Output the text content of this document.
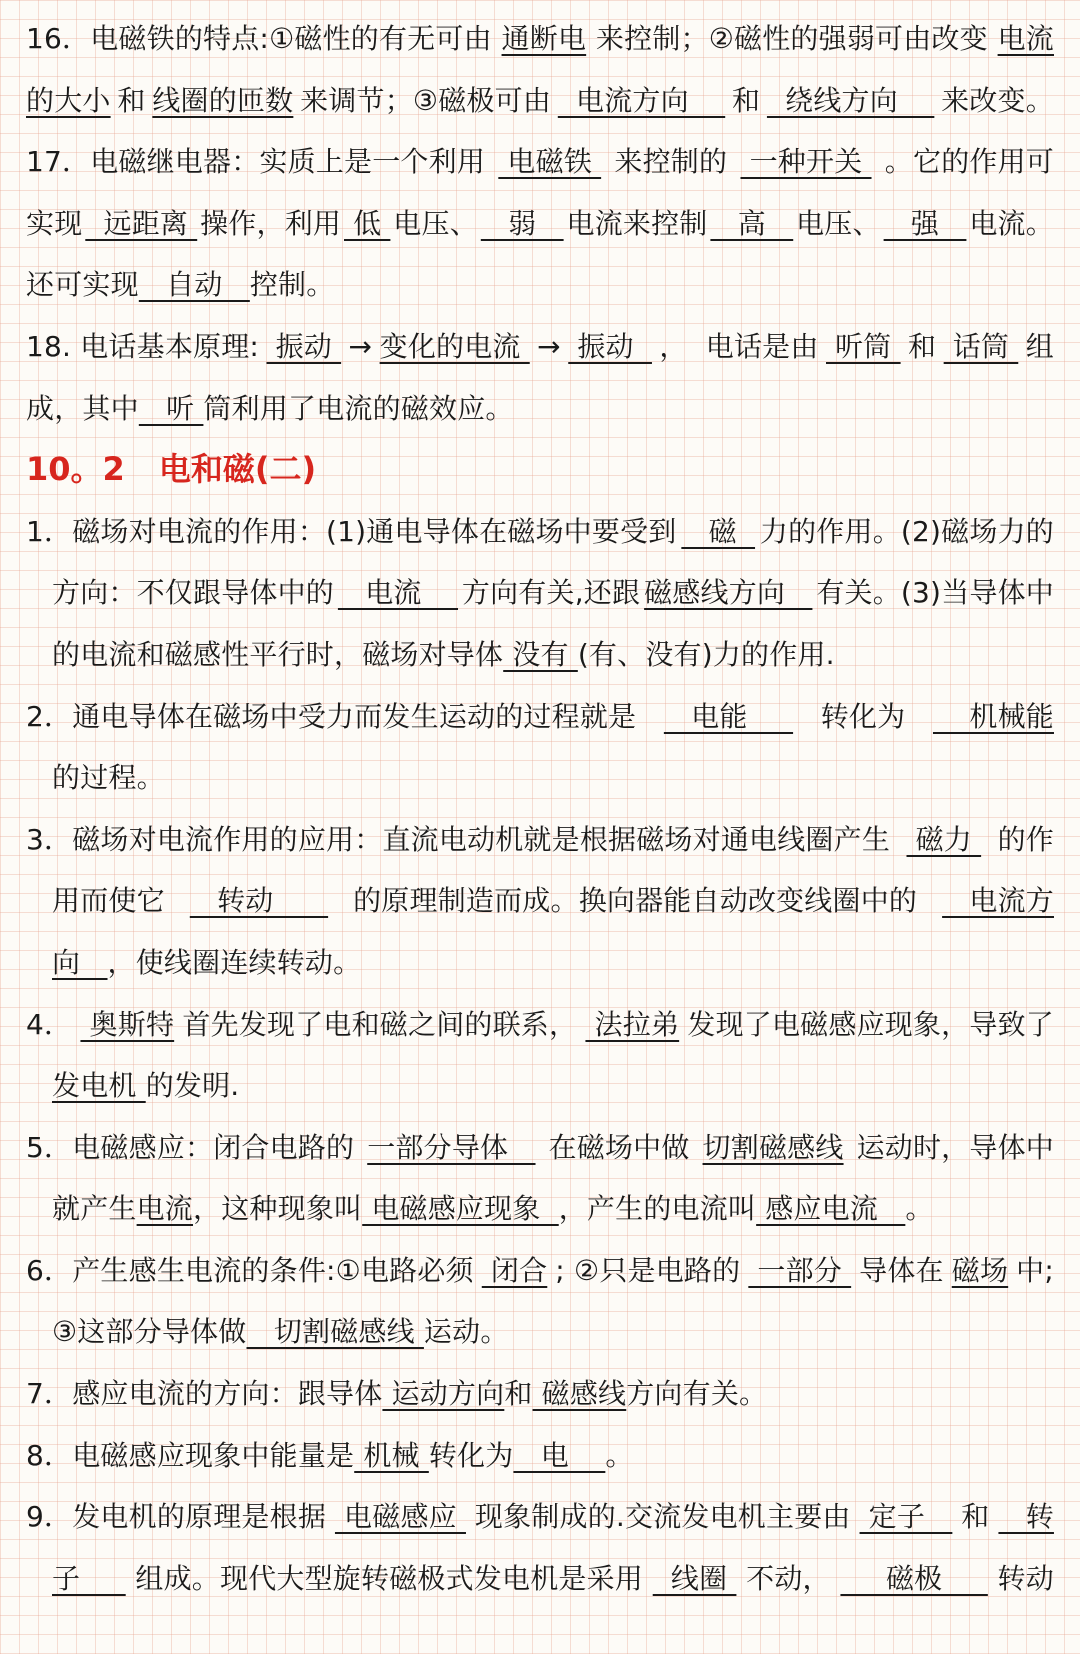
16．电磁铁的特点:①磁性的有无可由 通断电 来控制；②磁性的强弱可由改变 电流
的大小 和 线圈的匝数 来调节；③磁极可由 电流方向 和 绕线方向 来改变。
17．电磁继电器：实质上是一个利用 电磁铁 来控制的 一种开关 。它的作用可
实现 远距离 操作，利用 低 电压、 弱 电流来控制 高 电压、 强 电流。
还可实现   自动   控制。
18. 电话基本原理: 振动 → 变化的电流 → 振动 ，  电话是由 听筒 和 话筒 组
成，其中   听 筒利用了电流的磁效应。
10。2 电和磁(二)
1．磁场对电流的作用：(1)通电导体在磁场中要受到 磁 力的作用。(2)磁场力的
方向：不仅跟导体中的 电流 方向有关,还跟 磁感线方向 有关。(3)当导体中
的电流和磁感性平行时，磁场对导体 没有 (有、没有)力的作用.
2．通电导体在磁场中受力而发生运动的过程就是 电能 转化为 机械能
的过程。
3．磁场对电流作用的应用：直流电动机就是根据磁场对通电线圈产生 磁力 的作
用而使它 转动 的原理制造而成。换向器能自动改变线圈中的 电流方
向   ，使线圈连续转动。
4． 奥斯特 首先发现了电和磁之间的联系， 法拉弟 发现了电磁感应现象，导致了
发电机 的发明.
5．电磁感应：闭合电路的 一部分导体 在磁场中做 切割磁感线 运动时，导体中
就产生电流，这种现象叫 电磁感应现象  ，产生的电流叫 感应电流   。
6．产生感生电流的条件:①电路必须 闭合 ; ②只是电路的 一部分 导体在 磁场 中;
③这部分导体做   切割磁感线 运动。
7．感应电流的方向：跟导体 运动方向和 磁感线方向有关。
8．电磁感应现象中能量是 机械 转化为   电    。
9．发电机的原理是根据 电磁感应 现象制成的.交流发电机主要由 定子 和 转
子 组成。现代大型旋转磁极式发电机是采用 线圈 不动， 磁极 转动
